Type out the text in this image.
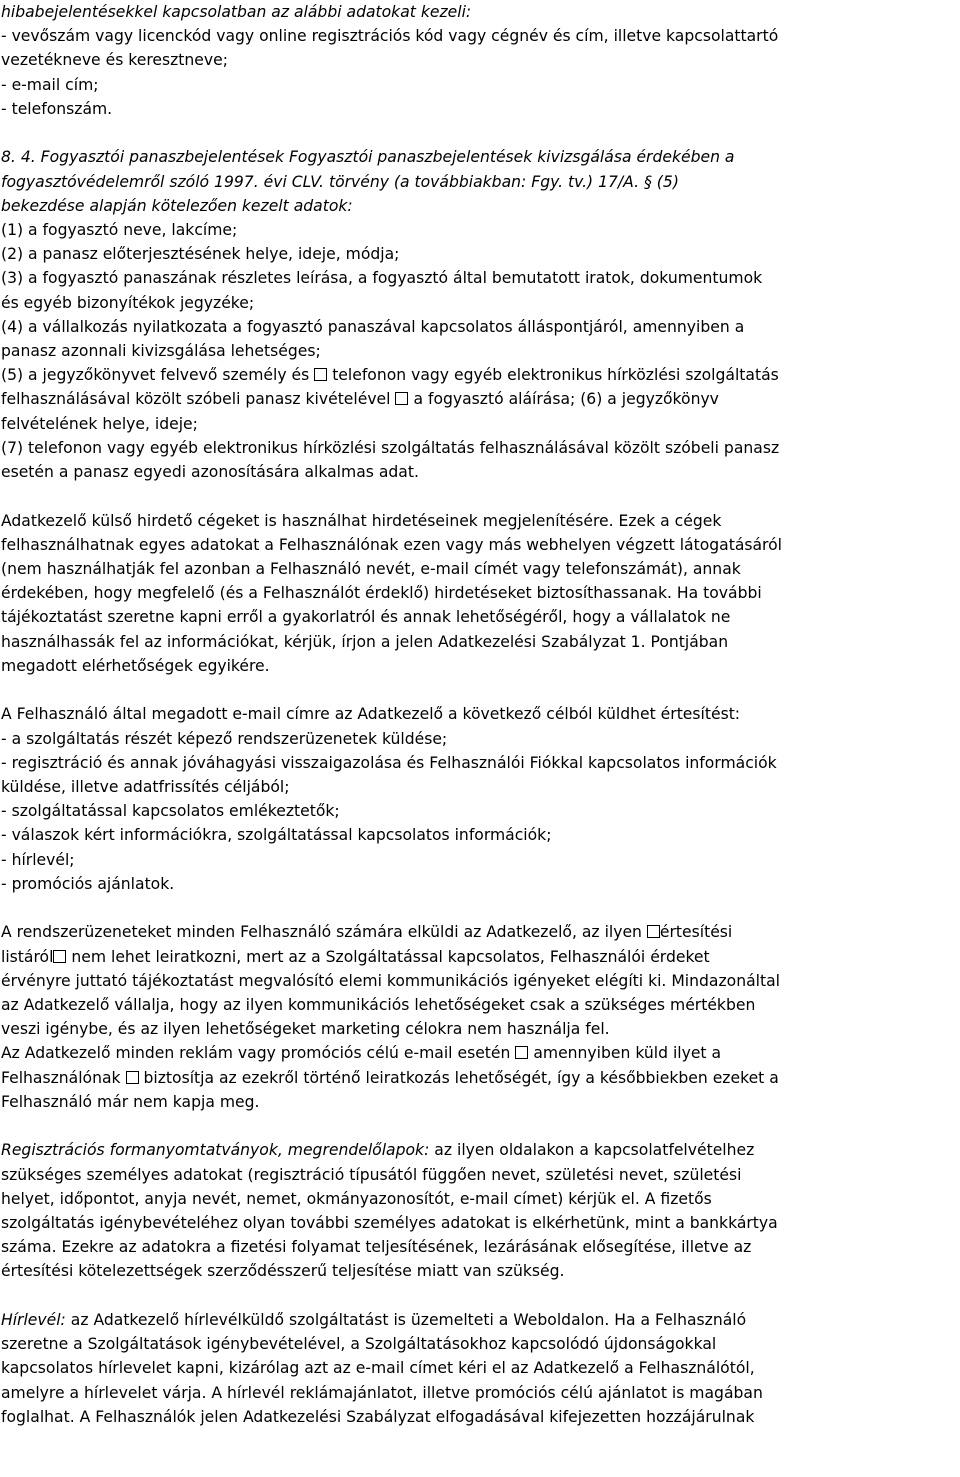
hibabejelentésekkel kapcsolatban az alábbi adatokat kezeli:
- vevőszám vagy licenckód vagy online regisztrációs kód vagy cégnév és cím, illetve kapcsolattartó
vezetékneve és keresztneve;
- e-mail cím;
- telefonszám.
8. 4. Fogyasztói panaszbejelentések Fogyasztói panaszbejelentések kivizsgálása érdekében a
fogyasztóvédelemről szóló 1997. évi CLV. törvény (a továbbiakban: Fgy. tv.) 17/A. § (5)
bekezdése alapján kötelezően kezelt adatok:
(1) a fogyasztó neve, lakcíme;
(2) a panasz előterjesztésének helye, ideje, módja;
(3) a fogyasztó panaszának részletes leírása, a fogyasztó által bemutatott iratok, dokumentumok
és egyéb bizonyítékok jegyzéke;
(4) a vállalkozás nyilatkozata a fogyasztó panaszával kapcsolatos álláspontjáról, amennyiben a
panasz azonnali kivizsgálása lehetséges;
(5) a jegyzőkönyvet felvevő személy és telefonon vagy egyéb elektronikus hírközlési szolgáltatás
felhasználásával közölt szóbeli panasz kivételével a fogyasztó aláírása; (6) a jegyzőkönyv
felvételének helye, ideje;
(7) telefonon vagy egyéb elektronikus hírközlési szolgáltatás felhasználásával közölt szóbeli panasz
esetén a panasz egyedi azonosítására alkalmas adat.
Adatkezelő külső hirdető cégeket is használhat hirdetéseinek megjelenítésére. Ezek a cégek
felhasználhatnak egyes adatokat a Felhasználónak ezen vagy más webhelyen végzett látogatásáról
(nem használhatják fel azonban a Felhasználó nevét, e-mail címét vagy telefonszámát), annak
érdekében, hogy megfelelő (és a Felhasználót érdeklő) hirdetéseket biztosíthassanak. Ha további
tájékoztatást szeretne kapni erről a gyakorlatról és annak lehetőségéről, hogy a vállalatok ne
használhassák fel az információkat, kérjük, írjon a jelen Adatkezelési Szabályzat 1. Pontjában
megadott elérhetőségek egyikére.
A Felhasználó által megadott e-mail címre az Adatkezelő a következő célból küldhet értesítést:
- a szolgáltatás részét képező rendszerüzenetek küldése;
- regisztráció és annak jóváhagyási visszaigazolása és Felhasználói Fiókkal kapcsolatos információk
küldése, illetve adatfrissítés céljából;
- szolgáltatással kapcsolatos emlékeztetők;
- válaszok kért információkra, szolgáltatással kapcsolatos információk;
- hírlevél;
- promóciós ajánlatok.
A rendszerüzeneteket minden Felhasználó számára elküldi az Adatkezelő, az ilyen értesítési
listáról nem lehet leiratkozni, mert az a Szolgáltatással kapcsolatos, Felhasználói érdeket
érvényre juttató tájékoztatást megvalósító elemi kommunikációs igényeket elégíti ki. Mindazonáltal
az Adatkezelő vállalja, hogy az ilyen kommunikációs lehetőségeket csak a szükséges mértékben
veszi igénybe, és az ilyen lehetőségeket marketing célokra nem használja fel.
Az Adatkezelő minden reklám vagy promóciós célú e-mail esetén amennyiben küld ilyet a
Felhasználónak biztosítja az ezekről történő leiratkozás lehetőségét, így a későbbiekben ezeket a
Felhasználó már nem kapja meg.
Regisztrációs formanyomtatványok, megrendelőlapok: az ilyen oldalakon a kapcsolatfelvételhez
szükséges személyes adatokat (regisztráció típusától függően nevet, születési nevet, születési
helyet, időpontot, anyja nevét, nemet, okmányazonosítót, e-mail címet) kérjük el. A fizetős
szolgáltatás igénybevételéhez olyan további személyes adatokat is elkérhetünk, mint a bankkártya
száma. Ezekre az adatokra a fizetési folyamat teljesítésének, lezárásának elősegítése, illetve az
értesítési kötelezettségek szerződésszerű teljesítése miatt van szükség.
Hírlevél: az Adatkezelő hírlevélküldő szolgáltatást is üzemelteti a Weboldalon. Ha a Felhasználó
szeretne a Szolgáltatások igénybevételével, a Szolgáltatásokhoz kapcsolódó újdonságokkal
kapcsolatos hírlevelet kapni, kizárólag azt az e-mail címet kéri el az Adatkezelő a Felhasználótól,
amelyre a hírlevelet várja. A hírlevél reklámajánlatot, illetve promóciós célú ajánlatot is magában
foglalhat. A Felhasználók jelen Adatkezelési Szabályzat elfogadásával kifejezetten hozzájárulnak
